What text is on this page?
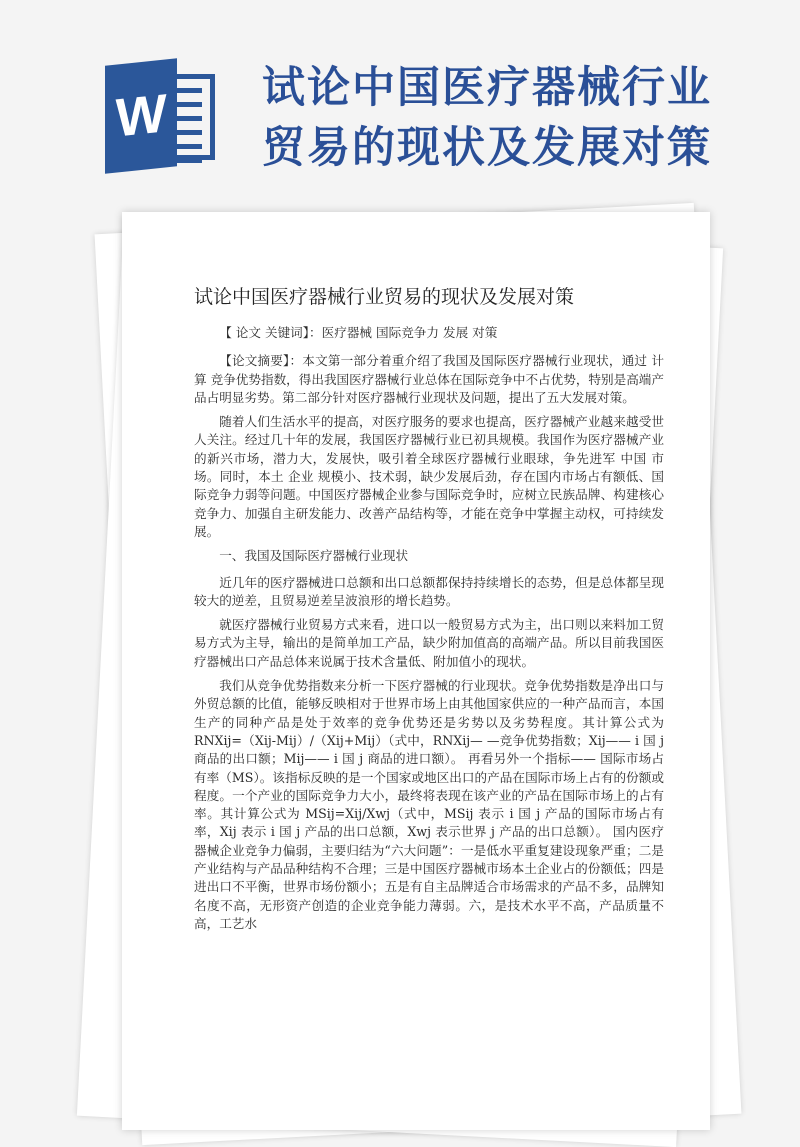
W 试论中国医疗器械行业
贸易的现状及发展对策
试论中国医疗器械行业贸易的现状及发展对策

【 论文 关键词】：医疗器械 国际竞争力 发展 对策

【论文摘要】：本文第一部分着重介绍了我国及国际医疗器械行业现状，通过 计算 竞争优势指数，得出我国医疗器械行业总体在国际竞争中不占优势，特别是高端产品占明显劣势。第二部分针对医疗器械行业现状及问题，提出了五大发展对策。

随着人们生活水平的提高，对医疗服务的要求也提高，医疗器械产业越来越受世人关注。经过几十年的发展，我国医疗器械行业已初具规模。我国作为医疗器械产业的新兴市场，潜力大，发展快，吸引着全球医疗器械行业眼球，争先进军 中国 市场。同时，本土 企业 规模小、技术弱，缺少发展后劲，存在国内市场占有额低、国际竞争力弱等问题。中国医疗器械企业参与国际竞争时，应树立民族品牌、构建核心竞争力、加强自主研发能力、改善产品结构等，才能在竞争中掌握主动权，可持续发展。

一、我国及国际医疗器械行业现状

近几年的医疗器械进口总额和出口总额都保持持续增长的态势，但是总体都呈现较大的逆差，且贸易逆差呈波浪形的增长趋势。

就医疗器械行业贸易方式来看，进口以一般贸易方式为主，出口则以来料加工贸易方式为主导，输出的是简单加工产品，缺少附加值高的高端产品。所以目前我国医疗器械出口产品总体来说属于技术含量低、附加值小的现状。

我们从竞争优势指数来分析一下医疗器械的行业现状。竞争优势指数是净出口与外贸总额的比值，能够反映相对于世界市场上由其他国家供应的一种产品而言，本国生产的同种产品是处于效率的竞争优势还是劣势以及劣势程度。其计算公式为 RNXij=（Xij-Mij）/（Xij+Mij）（式中，RNXij— —竞争优势指数；Xij—— i 国 j 商品的出口额；Mij—— i 国 j 商品的进口额）。 再看另外一个指标—— 国际市场占有率（MS）。该指标反映的是一个国家或地区出口的产品在国际市场上占有的份额或程度。一个产业的国际竞争力大小，最终将表现在该产业的产品在国际市场上的占有率。其计算公式为 MSij=Xij/Xwj（式中，MSij 表示 i 国 j 产品的国际市场占有率，Xij 表示 i 国 j 产品的出口总额，Xwj 表示世界 j 产品的出口总额）。 国内医疗器械企业竞争力偏弱，主要归结为“六大问题”：一是低水平重复建设现象严重；二是产业结构与产品品种结构不合理；三是中国医疗器械市场本土企业占的份额低；四是进出口不平衡，世界市场份额小；五是有自主品牌适合市场需求的产品不多，品牌知名度不高，无形资产创造的企业竞争能力薄弱。六，是技术水平不高，产品质量不高，工艺水
